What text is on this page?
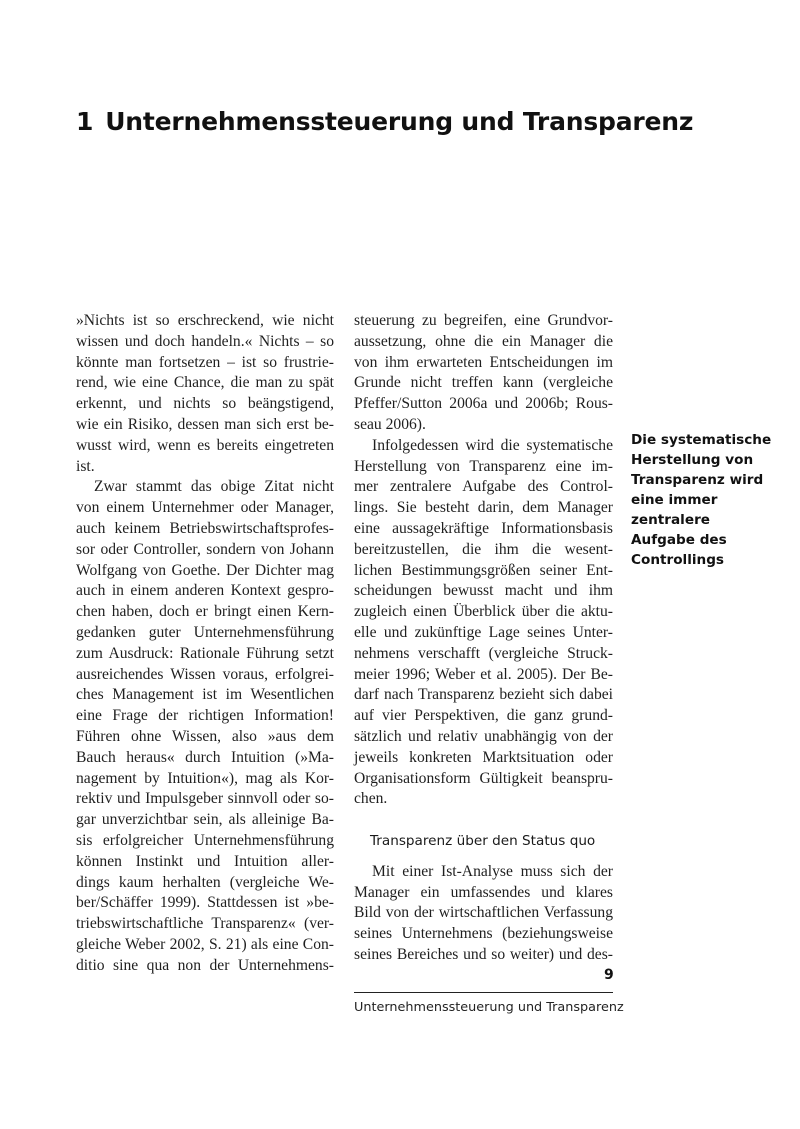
1 Unternehmenssteuerung und Transparenz
»Nichts ist so erschreckend, wie nicht
wissen und doch handeln.« Nichts – so
könnte man fortsetzen – ist so frustrie-
rend, wie eine Chance, die man zu spät
erkennt, und nichts so beängstigend,
wie ein Risiko, dessen man sich erst be-
wusst wird, wenn es bereits eingetreten
ist.
Zwar stammt das obige Zitat nicht
von einem Unternehmer oder Manager,
auch keinem Betriebswirtschaftsprofes-
sor oder Controller, sondern von Johann
Wolfgang von Goethe. Der Dichter mag
auch in einem anderen Kontext gespro-
chen haben, doch er bringt einen Kern-
gedanken guter Unternehmensführung
zum Ausdruck: Rationale Führung setzt
ausreichendes Wissen voraus, erfolgrei-
ches Management ist im Wesentlichen
eine Frage der richtigen Information!
Führen ohne Wissen, also »aus dem
Bauch heraus« durch Intuition (»Ma-
nagement by Intuition«), mag als Kor-
rektiv und Impulsgeber sinnvoll oder so-
gar unverzichtbar sein, als alleinige Ba-
sis erfolgreicher Unternehmensführung
können Instinkt und Intuition aller-
dings kaum herhalten (vergleiche We-
ber/Schäffer 1999). Stattdessen ist »be-
triebswirtschaftliche Transparenz« (ver-
gleiche Weber 2002, S. 21) als eine Con-
ditio sine qua non der Unternehmens-
steuerung zu begreifen, eine Grundvor-
aussetzung, ohne die ein Manager die
von ihm erwarteten Entscheidungen im
Grunde nicht treffen kann (vergleiche
Pfeffer/Sutton 2006a und 2006b; Rous-
seau 2006).
Infolgedessen wird die systematische
Herstellung von Transparenz eine im-
mer zentralere Aufgabe des Control-
lings. Sie besteht darin, dem Manager
eine aussagekräftige Informationsbasis
bereitzustellen, die ihm die wesent-
lichen Bestimmungsgrößen seiner Ent-
scheidungen bewusst macht und ihm
zugleich einen Überblick über die aktu-
elle und zukünftige Lage seines Unter-
nehmens verschafft (vergleiche Struck-
meier 1996; Weber et al. 2005). Der Be-
darf nach Transparenz bezieht sich dabei
auf vier Perspektiven, die ganz grund-
sätzlich und relativ unabhängig von der
jeweils konkreten Marktsituation oder
Organisationsform Gültigkeit beanspru-
chen.
Transparenz über den Status quo
Mit einer Ist-Analyse muss sich der
Manager ein umfassendes und klares
Bild von der wirtschaftlichen Verfassung
seines Unternehmens (beziehungsweise
seines Bereiches und so weiter) und des-
Die systematische
Herstellung von
Transparenz wird
eine immer
zentralere
Aufgabe des
Controllings
9
Unternehmenssteuerung und Transparenz
